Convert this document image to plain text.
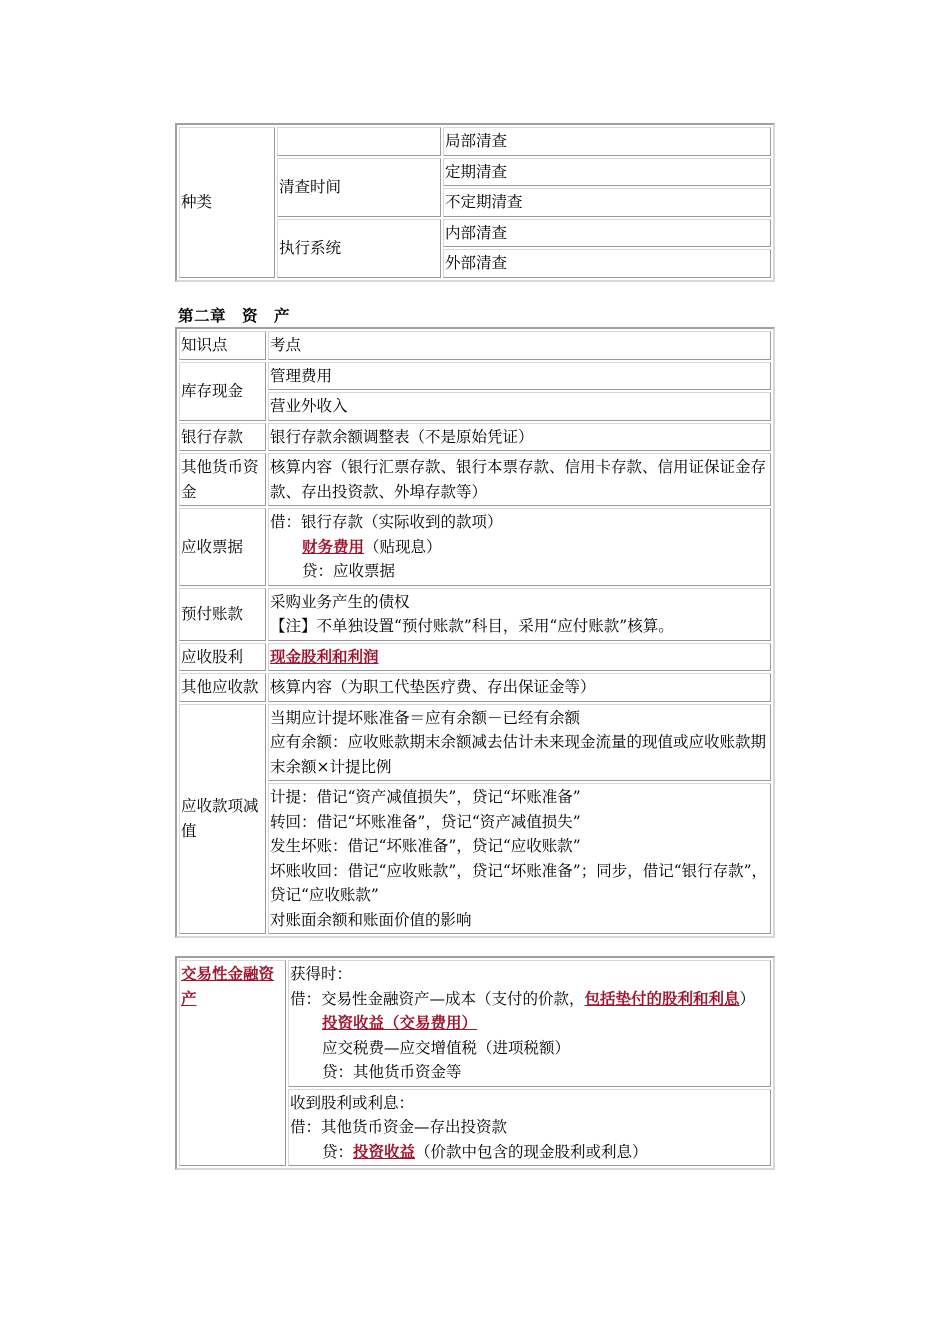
种类		局部清查
	清查时间	定期清查
		不定期清查
	执行系统	内部清查
		外部清查
第二章　资　产
知识点	考点
库存现金	管理费用
	营业外收入
银行存款	银行存款余额调整表（不是原始凭证）
其他货币资金	核算内容（银行汇票存款、银行本票存款、信用卡存款、信用证保证金存款、存出投资款、外埠存款等）
应收票据	借：银行存款（实际收到的款项）
财务费用（贴现息）
贷：应收票据

预付账款	采购业务产生的债权
【注】不单独设置“预付账款”科目，采用“应付账款”核算。

应收股利	现金股利和利润
其他应收款	核算内容（为职工代垫医疗费、存出保证金等）
应收款项减值	当期应计提坏账准备＝应有余额－已经有余额
应有余额：应收账款期末余额减去估计未来现金流量的现值或应收账款期末余额×计提比例

	计提：借记“资产减值损失”，贷记“坏账准备”
转回：借记“坏账准备”，贷记“资产减值损失”
发生坏账：借记“坏账准备”，贷记“应收账款”
坏账收回：借记“应收账款”，贷记“坏账准备”；同步，借记“银行存款”，贷记“应收账款”
对账面余额和账面价值的影响
交易性金融资产	
获得时：
借：交易性金融资产—成本（支付的价款，包括垫付的股利和利息）
投资收益（交易费用）
应交税费—应交增值税（进项税额）
贷：其他货币资金等

收到股利或利息：
借：其他货币资金—存出投资款
贷：投资收益（价款中包含的现金股利或利息）
